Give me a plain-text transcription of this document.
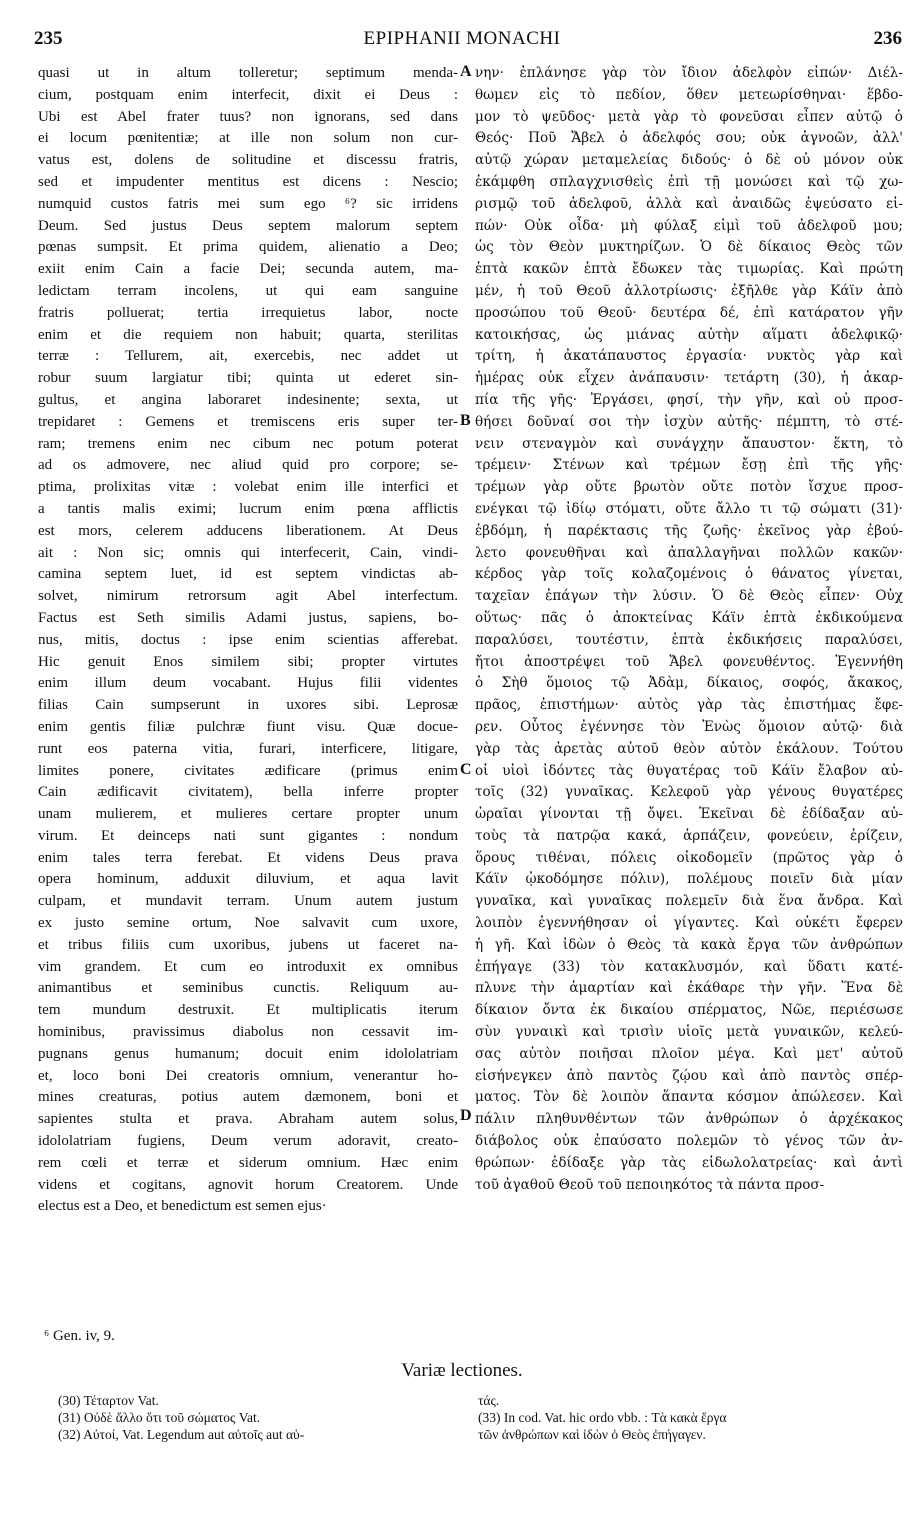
235	EPIPHANII MONACHI	236
quasi ut in altum tolleretur; septimum menda-
cium, postquam enim interfecit, dixit ei Deus :
Ubi est Abel frater tuus? non ignorans, sed dans
ei locum pœnitentiæ; at ille non solum non cur-
vatus est, dolens de solitudine et discessu fratris,
sed et impudenter mentitus est dicens : Nescio;
numquid custos fatris mei sum ego ⁶? sic irridens
Deum. Sed justus Deus septem malorum septem
pœnas sumpsit. Et prima quidem, alienatio a Deo;
exiit enim Cain a facie Dei; secunda autem, ma-
ledictam terram incolens, ut qui eam sanguine
fratris polluerat; tertia irrequietus labor, nocte
enim et die requiem non habuit; quarta, sterilitas
terræ : Tellurem, ait, exercebis, nec addet ut
robur suum largiatur tibi; quinta ut ederet sin-
gultus, et angina laboraret indesinente; sexta, ut
trepidaret : Gemens et tremiscens eris super ter-
ram; tremens enim nec cibum nec potum poterat
ad os admovere, nec aliud quid pro corpore; se-
ptima, prolixitas vitæ : volebat enim ille interfici et
a tantis malis eximi; lucrum enim pœna afflictis
est mors, celerem adducens liberationem. At Deus
ait : Non sic; omnis qui interfecerit, Cain, vindi-
camina septem luet, id est septem vindictas ab-
solvet, nimirum retrorsum agit Abel interfectum.
Factus est Seth similis Adami justus, sapiens, bo-
nus, mitis, doctus : ipse enim scientias afferebat.
Hic genuit Enos similem sibi; propter virtutes
enim illum deum vocabant. Hujus filii videntes
filias Cain sumpserunt in uxores sibi. Leprosæ
enim gentis filiæ pulchræ fiunt visu. Quæ docue-
runt eos paterna vitia, furari, interficere, litigare,
limites ponere, civitates ædificare (primus enim
Cain ædificavit civitatem), bella inferre propter
unam mulierem, et mulieres certare propter unum
virum. Et deinceps nati sunt gigantes : nondum
enim tales terra ferebat. Et videns Deus prava
opera hominum, adduxit diluvium, et aqua lavit
culpam, et mundavit terram. Unum autem justum
ex justo semine ortum, Noe salvavit cum uxore,
et tribus filiis cum uxoribus, jubens ut faceret na-
vim grandem. Et cum eo introduxit ex omnibus
animantibus et seminibus cunctis. Reliquum au-
tem mundum destruxit. Et multiplicatis iterum
hominibus, pravissimus diabolus non cessavit im-
pugnans genus humanum; docuit enim idololatriam
et, loco boni Dei creatoris omnium, venerantur ho-
mines creaturas, potius autem dæmonem, boni et
sapientes stulta et prava. Abraham autem solus,
idololatriam fugiens, Deum verum adoravit, creato-
rem cœli et terræ et siderum omnium. Hæc enim
videns et cogitans, agnovit horum Creatorem. Unde
electus est a Deo, et benedictum est semen ejus·
νην· ἐπλάνησε γὰρ τὸν ἴδιον ἀδελφὸν εἰπών· Διέλ-
θωμεν εἰς τὸ πεδίον, ὅθεν μετεωρίσθηναι· ἕβδο-
μον τὸ ψεῦδος· μετὰ γὰρ τὸ φονεῦσαι εἶπεν αὐτῷ ὁ
Θεός· Ποῦ Ἄβελ ὁ ἀδελφός σου; οὐκ ἀγνοῶν, ἀλλ'
αὐτῷ χώραν μεταμελείας διδούς· ὁ δὲ οὐ μόνον οὐκ
ἐκάμφθη σπλαγχνισθεὶς ἐπὶ τῇ μονώσει καὶ τῷ χω-
ρισμῷ τοῦ ἀδελφοῦ, ἀλλὰ καὶ ἀναιδῶς ἐψεύσατο εἰ-
πών· Οὐκ οἶδα· μὴ φύλαξ εἰμὶ τοῦ ἀδελφοῦ μου;
ὡς τὸν Θεὸν μυκτηρίζων. Ὁ δὲ δίκαιος Θεὸς τῶν
ἑπτὰ κακῶν ἑπτὰ ἔδωκεν τὰς τιμωρίας. Καὶ πρώτη
μέν, ἡ τοῦ Θεοῦ ἀλλοτρίωσις· ἐξῆλθε γὰρ Κάϊν ἀπὸ
προσώπου τοῦ Θεοῦ· δευτέρα δέ, ἐπὶ κατάρατον γῆν
κατοικήσας, ὡς μιάνας αὐτὴν αἵματι ἀδελφικῷ·
τρίτη, ἡ ἀκατάπαυστος ἐργασία· νυκτὸς γὰρ καὶ
ἡμέρας οὐκ εἶχεν ἀνάπαυσιν· τετάρτη (30), ἡ ἀκαρ-
πία τῆς γῆς· Ἐργάσει, φησί, τὴν γῆν, καὶ οὐ προσ-
θήσει δοῦναί σοι τὴν ἰσχὺν αὐτῆς· πέμπτη, τὸ στέ-
νειν στεναγμὸν καὶ συνάγχην ἄπαυστον· ἕκτη, τὸ
τρέμειν· Στένων καὶ τρέμων ἔσῃ ἐπὶ τῆς γῆς·
τρέμων γὰρ οὔτε βρωτὸν οὔτε ποτὸν ἴσχυε προσ-
ενέγκαι τῷ ἰδίῳ στόματι, οὔτε ἄλλο τι τῷ σώματι (31)·
ἑβδόμη, ἡ παρέκτασις τῆς ζωῆς· ἐκεῖνος γὰρ ἐβού-
λετο φονευθῆναι καὶ ἀπαλλαγῆναι πολλῶν κακῶν·
κέρδος γὰρ τοῖς κολαζομένοις ὁ θάνατος γίνεται,
ταχεῖαν ἐπάγων τὴν λύσιν. Ὁ δὲ Θεὸς εἶπεν· Οὐχ
οὕτως· πᾶς ὁ ἀποκτείνας Κάϊν ἑπτὰ ἐκδικούμενα
παραλύσει, τουτέστιν, ἑπτὰ ἐκδικήσεις παραλύσει,
ἤτοι ἀποστρέψει τοῦ Ἄβελ φονευθέντος. Ἐγεννήθη
ὁ Σὴθ ὅμοιος τῷ Ἀδὰμ, δίκαιος, σοφός, ἄκακος,
πρᾶος, ἐπιστήμων· αὐτὸς γὰρ τὰς ἐπιστήμας ἔφε-
ρεν. Οὗτος ἐγέννησε τὸν Ἐνὼς ὅμοιον αὐτῷ· διὰ
γὰρ τὰς ἀρετὰς αὐτοῦ θεὸν αὐτὸν ἐκάλουν. Τούτου
οἱ υἱοὶ ἰδόντες τὰς θυγατέρας τοῦ Κάϊν ἔλαβον αὐ-
τοῖς (32) γυναῖκας. Κελεφοῦ γὰρ γένους θυγατέρες
ὡραῖαι γίνονται τῇ ὄψει. Ἐκεῖναι δὲ ἐδίδαξαν αὐ-
τοὺς τὰ πατρῷα κακά, ἁρπάζειν, φονεύειν, ἐρίζειν,
ὅρους τιθέναι, πόλεις οἰκοδομεῖν (πρῶτος γὰρ ὁ
Κάϊν ᾠκοδόμησε πόλιν), πολέμους ποιεῖν διὰ μίαν
γυναῖκα, καὶ γυναῖκας πολεμεῖν διὰ ἕνα ἄνδρα. Καὶ
λοιπὸν ἐγεννήθησαν οἱ γίγαντες. Καὶ οὐκέτι ἔφερεν
ἡ γῆ. Καὶ ἰδὼν ὁ Θεὸς τὰ κακὰ ἔργα τῶν ἀνθρώπων
ἐπήγαγε (33) τὸν κατακλυσμόν, καὶ ὕδατι κατέ-
πλυνε τὴν ἁμαρτίαν καὶ ἐκάθαρε τὴν γῆν. Ἕνα δὲ
δίκαιον ὄντα ἐκ δικαίου σπέρματος, Νῶε, περιέσωσε
σὺν γυναικὶ καὶ τρισὶν υἱοῖς μετὰ γυναικῶν, κελεύ-
σας αὐτὸν ποιῆσαι πλοῖον μέγα. Καὶ μετ' αὐτοῦ
εἰσήνεγκεν ἀπὸ παντὸς ζῴου καὶ ἀπὸ παντὸς σπέρ-
ματος. Τὸν δὲ λοιπὸν ἅπαντα κόσμον ἀπώλεσεν. Καὶ
πάλιν πληθυνθέντων τῶν ἀνθρώπων ὁ ἀρχέκακος
διάβολος οὐκ ἐπαύσατο πολεμῶν τὸ γένος τῶν ἀν-
θρώπων· ἐδίδαξε γὰρ τὰς εἰδωλολατρείας· καὶ ἀντὶ
τοῦ ἀγαθοῦ Θεοῦ τοῦ πεποιηκότος τὰ πάντα προσ-
A
B
C
D
⁶ Gen. iv, 9.
Variæ lectiones.
(30) Τέταρτον Vat.
(31) Οὐδὲ ἄλλο ὅτι τοῦ σώματος Vat.
(32) Αὐτοί, Vat. Legendum aut αὐτοῖς aut αὑ-
τάς.
(33) In cod. Vat. hic ordo vbb. : Τὰ κακὰ ἔργα
τῶν ἀνθρώπων καὶ ἰδὼν ὁ Θεὸς ἐπήγαγεν.
